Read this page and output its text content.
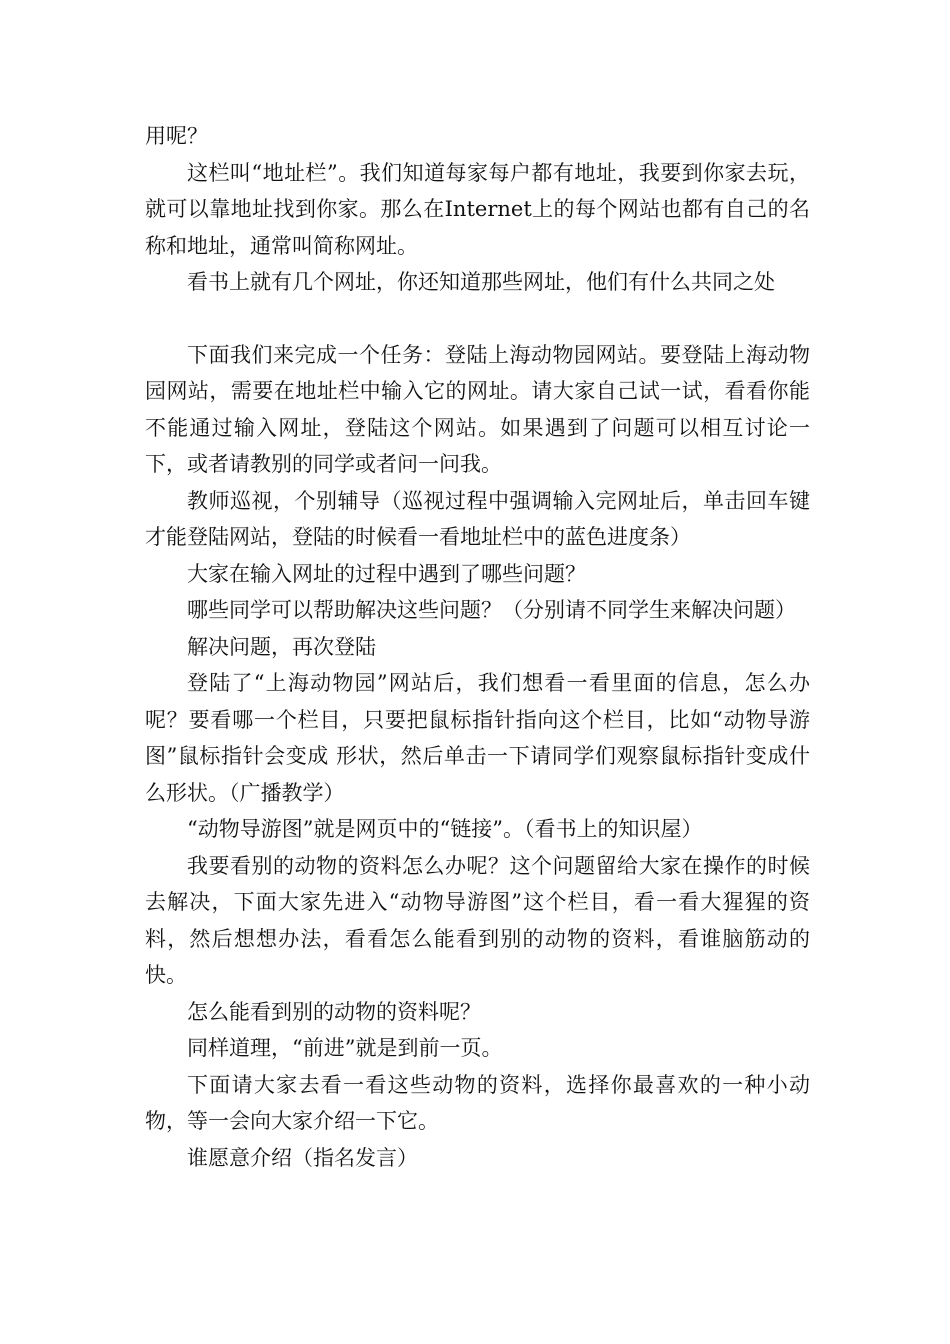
用呢？

这栏叫“地址栏”。我们知道每家每户都有地址，我要到你家去玩，就可以靠地址找到你家。那么在Internet上的每个网站也都有自己的名称和地址，通常叫简称网址。

看书上就有几个网址，你还知道那些网址，他们有什么共同之处

下面我们来完成一个任务：登陆上海动物园网站。要登陆上海动物园网站，需要在地址栏中输入它的网址。请大家自己试一试，看看你能不能通过输入网址，登陆这个网站。如果遇到了问题可以相互讨论一下，或者请教别的同学或者问一问我。

教师巡视，个别辅导（巡视过程中强调输入完网址后，单击回车键才能登陆网站，登陆的时候看一看地址栏中的蓝色进度条）

大家在输入网址的过程中遇到了哪些问题？

哪些同学可以帮助解决这些问题？（分别请不同学生来解决问题）

解决问题，再次登陆

登陆了“上海动物园”网站后，我们想看一看里面的信息，怎么办呢？要看哪一个栏目，只要把鼠标指针指向这个栏目，比如“动物导游图”鼠标指针会变成 形状，然后单击一下请同学们观察鼠标指针变成什么形状。（广播教学）

“动物导游图”就是网页中的“链接”。（看书上的知识屋）

我要看别的动物的资料怎么办呢？这个问题留给大家在操作的时候去解决，下面大家先进入“动物导游图”这个栏目，看一看大猩猩的资料，然后想想办法，看看怎么能看到别的动物的资料，看谁脑筋动的快。

怎么能看到别的动物的资料呢？

同样道理，“前进”就是到前一页。

下面请大家去看一看这些动物的资料，选择你最喜欢的一种小动物，等一会向大家介绍一下它。

谁愿意介绍（指名发言）
